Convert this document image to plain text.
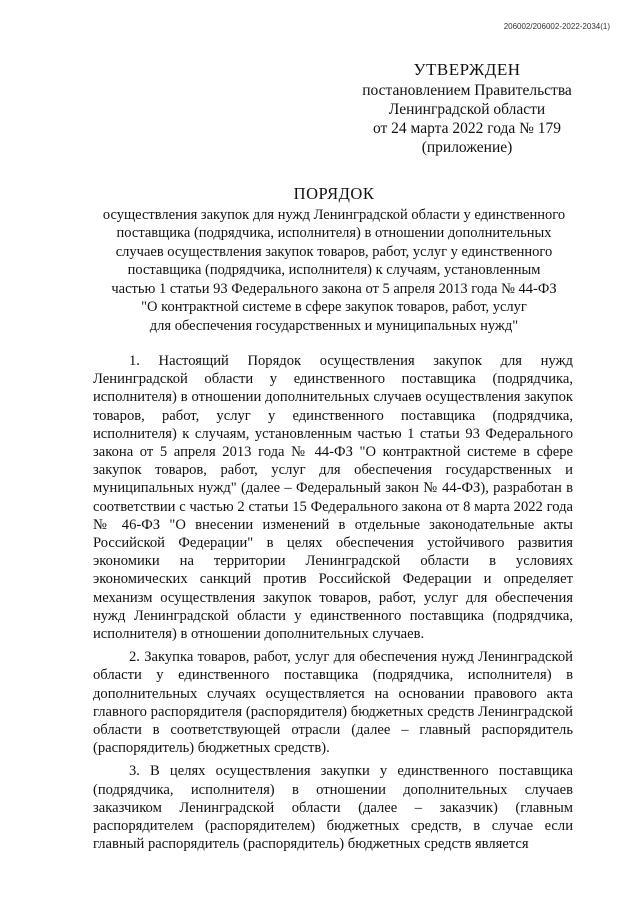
206002/206002-2022-2034(1)
УТВЕРЖДЕН
постановлением Правительства
Ленинградской области
от 24 марта 2022 года № 179
(приложение)
ПОРЯДОК
осуществления закупок для нужд Ленинградской области у единственного
поставщика (подрядчика, исполнителя) в отношении дополнительных
случаев осуществления закупок товаров, работ, услуг у единственного
поставщика (подрядчика, исполнителя) к случаям, установленным
частью 1 статьи 93 Федерального закона от 5 апреля 2013 года № 44-ФЗ
"О контрактной системе в сфере закупок товаров, работ, услуг
для обеспечения государственных и муниципальных нужд"

1. Настоящий Порядок осуществления закупок для нужд Ленинградской области у единственного поставщика (подрядчика, исполнителя) в отношении дополнительных случаев осуществления закупок товаров, работ, услуг у единственного поставщика (подрядчика, исполнителя) к случаям, установленным частью 1 статьи 93 Федерального закона от 5 апреля 2013 года № 44-ФЗ "О контрактной системе в сфере закупок товаров, работ, услуг для обеспечения государственных и муниципальных нужд" (далее – Федеральный закон № 44-ФЗ), разработан в соответствии с частью 2 статьи 15 Федерального закона от 8 марта 2022 года № 46-ФЗ "О внесении изменений в отдельные законодательные акты Российской Федерации" в целях обеспечения устойчивого развития экономики на территории Ленинградской области в условиях экономических санкций против Российской Федерации и определяет механизм осуществления закупок товаров, работ, услуг для обеспечения нужд Ленинградской области у единственного поставщика (подрядчика, исполнителя) в отношении дополнительных случаев.

2. Закупка товаров, работ, услуг для обеспечения нужд Ленинградской области у единственного поставщика (подрядчика, исполнителя) в дополнительных случаях осуществляется на основании правового акта главного распорядителя (распорядителя) бюджетных средств Ленинградской области в соответствующей отрасли (далее – главный распорядитель (распорядитель) бюджетных средств).

3. В целях осуществления закупки у единственного поставщика (подрядчика, исполнителя) в отношении дополнительных случаев заказчиком Ленинградской области (далее – заказчик) (главным распорядителем (распорядителем) бюджетных средств, в случае если главный распорядитель (распорядитель) бюджетных средств является
